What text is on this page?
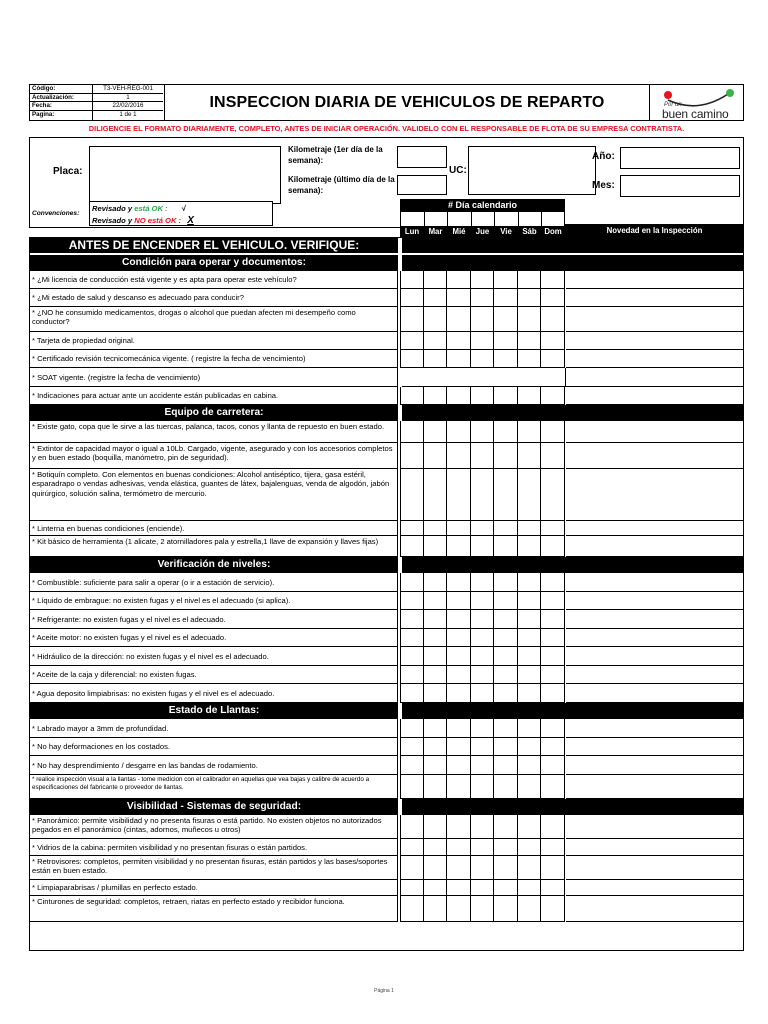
Código:	T3-VEH-REG-001
Actualización:	1
Fecha:	22/02/2016
Pagina:	1 de 1
INSPECCION DIARIA DE VEHICULOS DE REPARTO	Por un
buen camino
DILIGENCIE EL FORMATO DIARIAMENTE, COMPLETO, ANTES DE INICIAR OPERACIÓN. VALIDELO CON EL RESPONSABLE DE FLOTA DE SU EMPRESA CONTRATISTA.
Placa:
Kilometraje (1er día de la semana):
Kilometraje (último día de la semana):
UC:
Año:
Mes:
Convenciones:
Revisado y está OK : √
Revisado y NO está OK : X
# Día calendario
Lun	Mar	Mié	Jue	Vie	Sáb Dom	Novedad en la Inspección
ANTES DE ENCENDER EL VEHICULO. VERIFIQUE:
Condición para operar y documentos:
* ¿Mi licencia de conducción está vigente y es apta para operar este vehículo?
* ¿Mi estado de salud y descanso es adecuado para conducir?
* ¿NO he consumido medicamentos, drogas o alcohol que puedan afecten mi desempeño como conductor?
* Tarjeta de propiedad original.
* Certificado revisión tecnicomecánica vigente. ( registre la fecha de vencimiento)
* SOAT vigente. (registre la fecha de vencimiento)
* Indicaciones para actuar ante un accidente están publicadas en cabina.
Equipo de carretera:
* Existe gato, copa que le sirve a las tuercas, palanca, tacos, conos y llanta de repuesto en buen estado.
* Extintor de capacidad mayor o igual a 10Lb. Cargado, vigente, asegurado y con los accesorios completos y en buen estado (boquilla, manómetro, pin de seguridad).
* Botiquín completo. Con elementos en buenas condiciones: Alcohol antiséptico, tijera, gasa estéril, esparadrapo o vendas adhesivas, venda elástica, guantes de látex, bajalenguas, venda de algodón, jabón quirúrgico, solución salina, termómetro de mercurio.
* Linterna en buenas condiciones (enciende).
* Kit básico de herramienta (1 alicate, 2 atornilladores pala y estrella,1 llave de expansión y llaves fijas)
Verificación de niveles:
* Combustible: suficiente para salir a operar (o ir a estación de servicio).
* Líquido de embrague: no existen fugas y el nivel es el adecuado (si aplica).
* Refrigerante: no existen fugas y el nivel es el adecuado.
* Aceite motor: no existen fugas y el nivel es el adecuado.
* Hidráulico de la dirección: no existen fugas y el nivel es el adecuado.
* Aceite de la caja y diferencial: no existen fugas.
* Agua deposito limpiabrisas: no existen fugas y el nivel es el adecuado.
Estado de Llantas:
* Labrado mayor a 3mm de profundidad.
* No hay deformaciones en los costados.
* No hay desprendimiento / desgarre en las bandas de rodamiento.
* realice inspección visual a la llantas - tome medicion con el calibrador en aquellas que vea bajas y calibre de acuerdo a especificaciones del fabricante o proveedor de llantas.
Visibilidad - Sistemas de seguridad:
* Panorámico: permite visibilidad y no presenta fisuras o está partido. No existen objetos no autorizados pegados en el panorámico (cintas, adornos, muñecos u otros)
* Vidrios de la cabina: permiten visibilidad y no presentan fisuras o están partidos.
* Retrovisores: completos, permiten visibilidad y no presentan fisuras, están partidos y las bases/soportes están en buen estado.
* Limpiaparabrisas / plumillas en perfecto estado.
* Cinturones de seguridad: completos, retraen, riatas en perfecto estado y recibidor funciona.
Página 1
